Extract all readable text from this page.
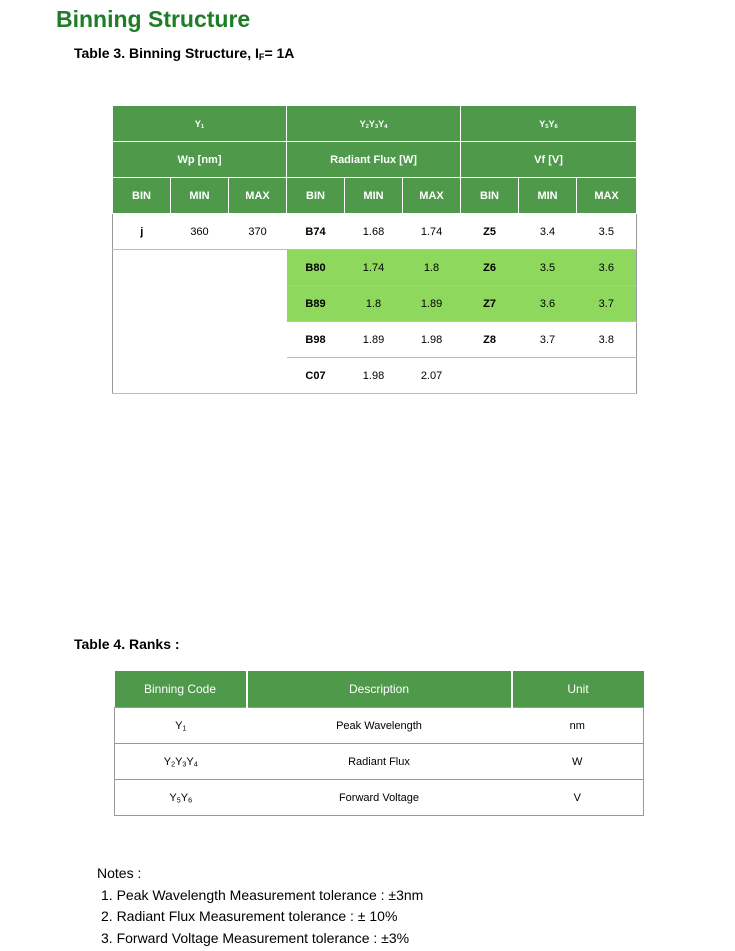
Binning Structure
Table 3. Binning Structure, $I_F= 1A$
$Y_1$			$Y_2Y_3Y_4$			$Y_5Y_6$
Wp [nm]			Radiant Flux [W]			Vf [V]		
BIN	MIN	MAX	BIN	MIN	MAX	BIN	MIN	MAX
j	360	370	B74	1.68	1.74	Z5	3.4	3.5
			B80	1.74	1.8	Z6	3.5	3.6
			B89	1.8	1.89	Z7	3.6	3.7
			B98	1.89	1.98	Z8	3.7	3.8
			C07	1.98	2.07			
Table 4. Ranks :
Binning Code	Description	Unit
$Y_1$	Peak Wavelength	nm
$Y_2Y_3Y_4$	Radiant Flux	W
$Y_5Y_6$	Forward Voltage	V
Notes :
1. Peak Wavelength Measurement tolerance : ±3nm
2. Radiant Flux Measurement tolerance : ± 10%
3. Forward Voltage Measurement tolerance : ±3%
